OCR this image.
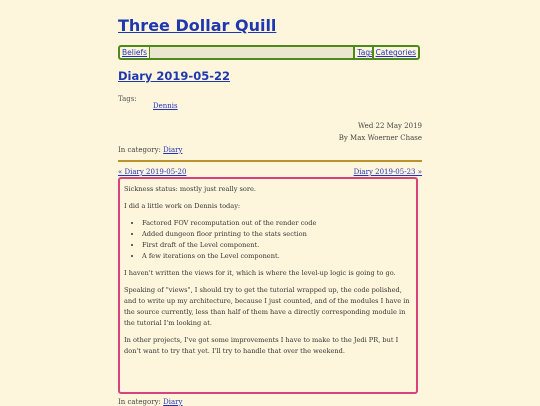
Three Dollar Quill
Beliefs	Tags Categories
Diary 2019-05-22
Tags:
Dennis
Wed 22 May 2019
By Max Woerner Chase
In category: Diary
« Diary 2019-05-20	Diary 2019-05-23 »

Sickness status: mostly just really sore.

I did a little work on Dennis today:

• Factored FOV recomputation out of the render code
• Added dungeon floor printing to the stats section
• First draft of the Level component.
• A few iterations on the Level component.

I haven't written the views for it, which is where the level-up logic is going to go.

Speaking of "views", I should try to get the tutorial wrapped up, the code polished, and to write up my architecture, because I just counted, and of the modules I have in the source currently, less than half of them have a directly corresponding module in the tutorial I'm looking at.

In other projects, I've got some improvements I have to make to the Jedi PR, but I don't want to try that yet. I'll try to handle that over the weekend.

In category: Diary
